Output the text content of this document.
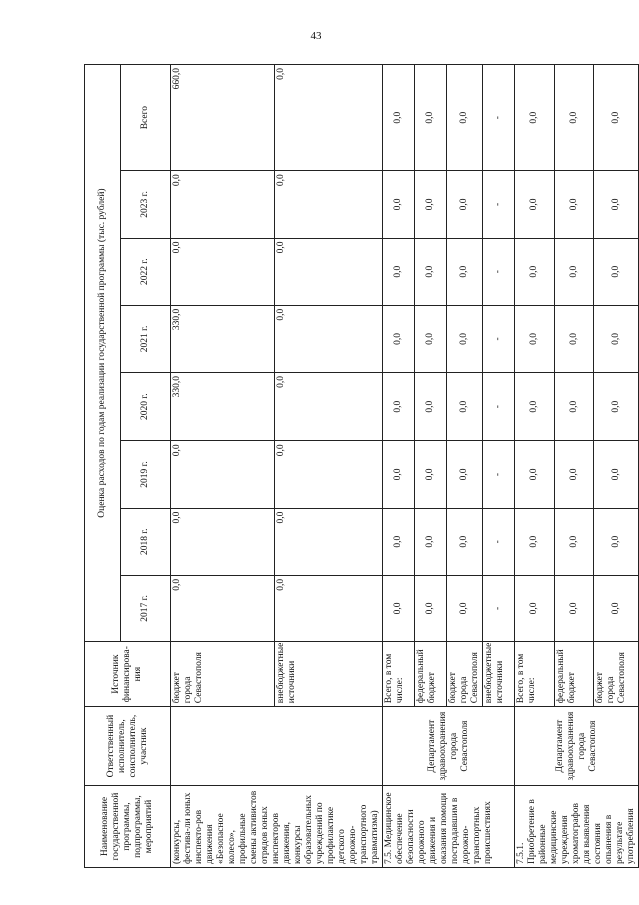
43
Наименование государственной программы, подпрограммы, мероприятий	Ответственный исполнитель, соисполнитель, участник	Источник финансирова-ния	Оценка расходов по годам реализации государственной программы (тыс. рублей)							
			2017 г.	2018 г.	2019 г.	2020 г.	2021 г.	2022 г.	2023 г.	Всего
(конкурсы, фестива-ли юных инспекто-ров движения «Безопасное колесо», профильные смены активистов отрядов юных инспекторов движения, конкурсы образовательных учреждений по профилактике детского дорожно-транспортного травматизма)		бюджет города Севастополя	0,0	0,0	0,0	330,0	330,0	0,0	0,0	660,0
		внебюджетные источники	0,0	0,0	0,0	0,0	0,0	0,0	0,0	0,0
7.5. Медицинское обеспечение безопасности дорожного движения и оказания помощи пострадавшим в дорожно-транспортных происшествиях	Департамент здравоохранения города Севастополя	Всего, в том числе:	0,0	0,0	0,0	0,0	0,0	0,0	0,0	0,0
		федеральный бюджет	0,0	0,0	0,0	0,0	0,0	0,0	0,0	0,0
		бюджет города Севастополя	0,0	0,0	0,0	0,0	0,0	0,0	0,0	0,0
		внебюджетные источники	-	-	-	-	-	-	-	-
7.5.1. Приобретение в районные медицинские учреждения хроматографов для выявления состояния опьянения в результате употребления	Департамент здравоохранения города Севастополя	Всего, в том числе:	0,0	0,0	0,0	0,0	0,0	0,0	0,0	0,0
		федеральный бюджет	0,0	0,0	0,0	0,0	0,0	0,0	0,0	0,0
		бюджет города Севастополя	0,0	0,0	0,0	0,0	0,0	0,0	0,0	0,0
